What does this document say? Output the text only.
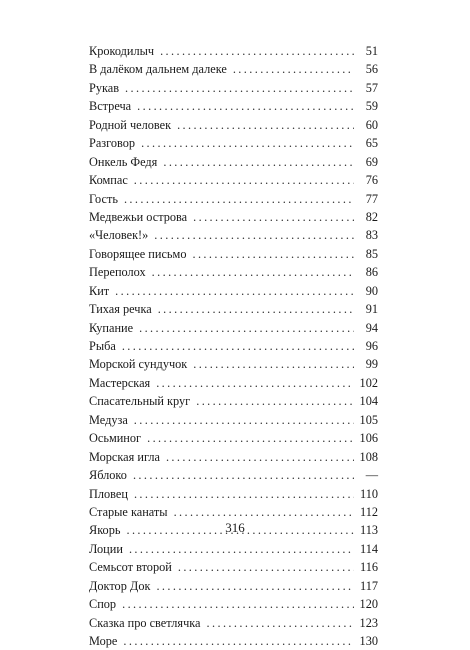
Крокодилыч .....	51
В далёком дальнем далеке .....	56
Рукав .....	57
Встреча .....	59
Родной человек .....	60
Разговор .....	65
Онкель Федя .....	69
Компас .....	76
Гость .....	77
Медвежьи острова .....	82
«Человек!» .....	83
Говорящее письмо .....	85
Переполох .....	86
Кит .....	90
Тихая речка .....	91
Купание .....	94
Рыба .....	96
Морской сундучок .....	99
Мастерская .....	102
Спасательный круг .....	104
Медуза .....	105
Осьминог .....	106
Морская игла .....	108
Яблоко .....	—
Пловец .....	110
Старые канаты .....	112
Якорь .....	113
Лоции .....	114
Семьсот второй .....	116
Доктор Док .....	117
Спор .....	120
Сказка про светлячка .....	123
Море .....	130
316
